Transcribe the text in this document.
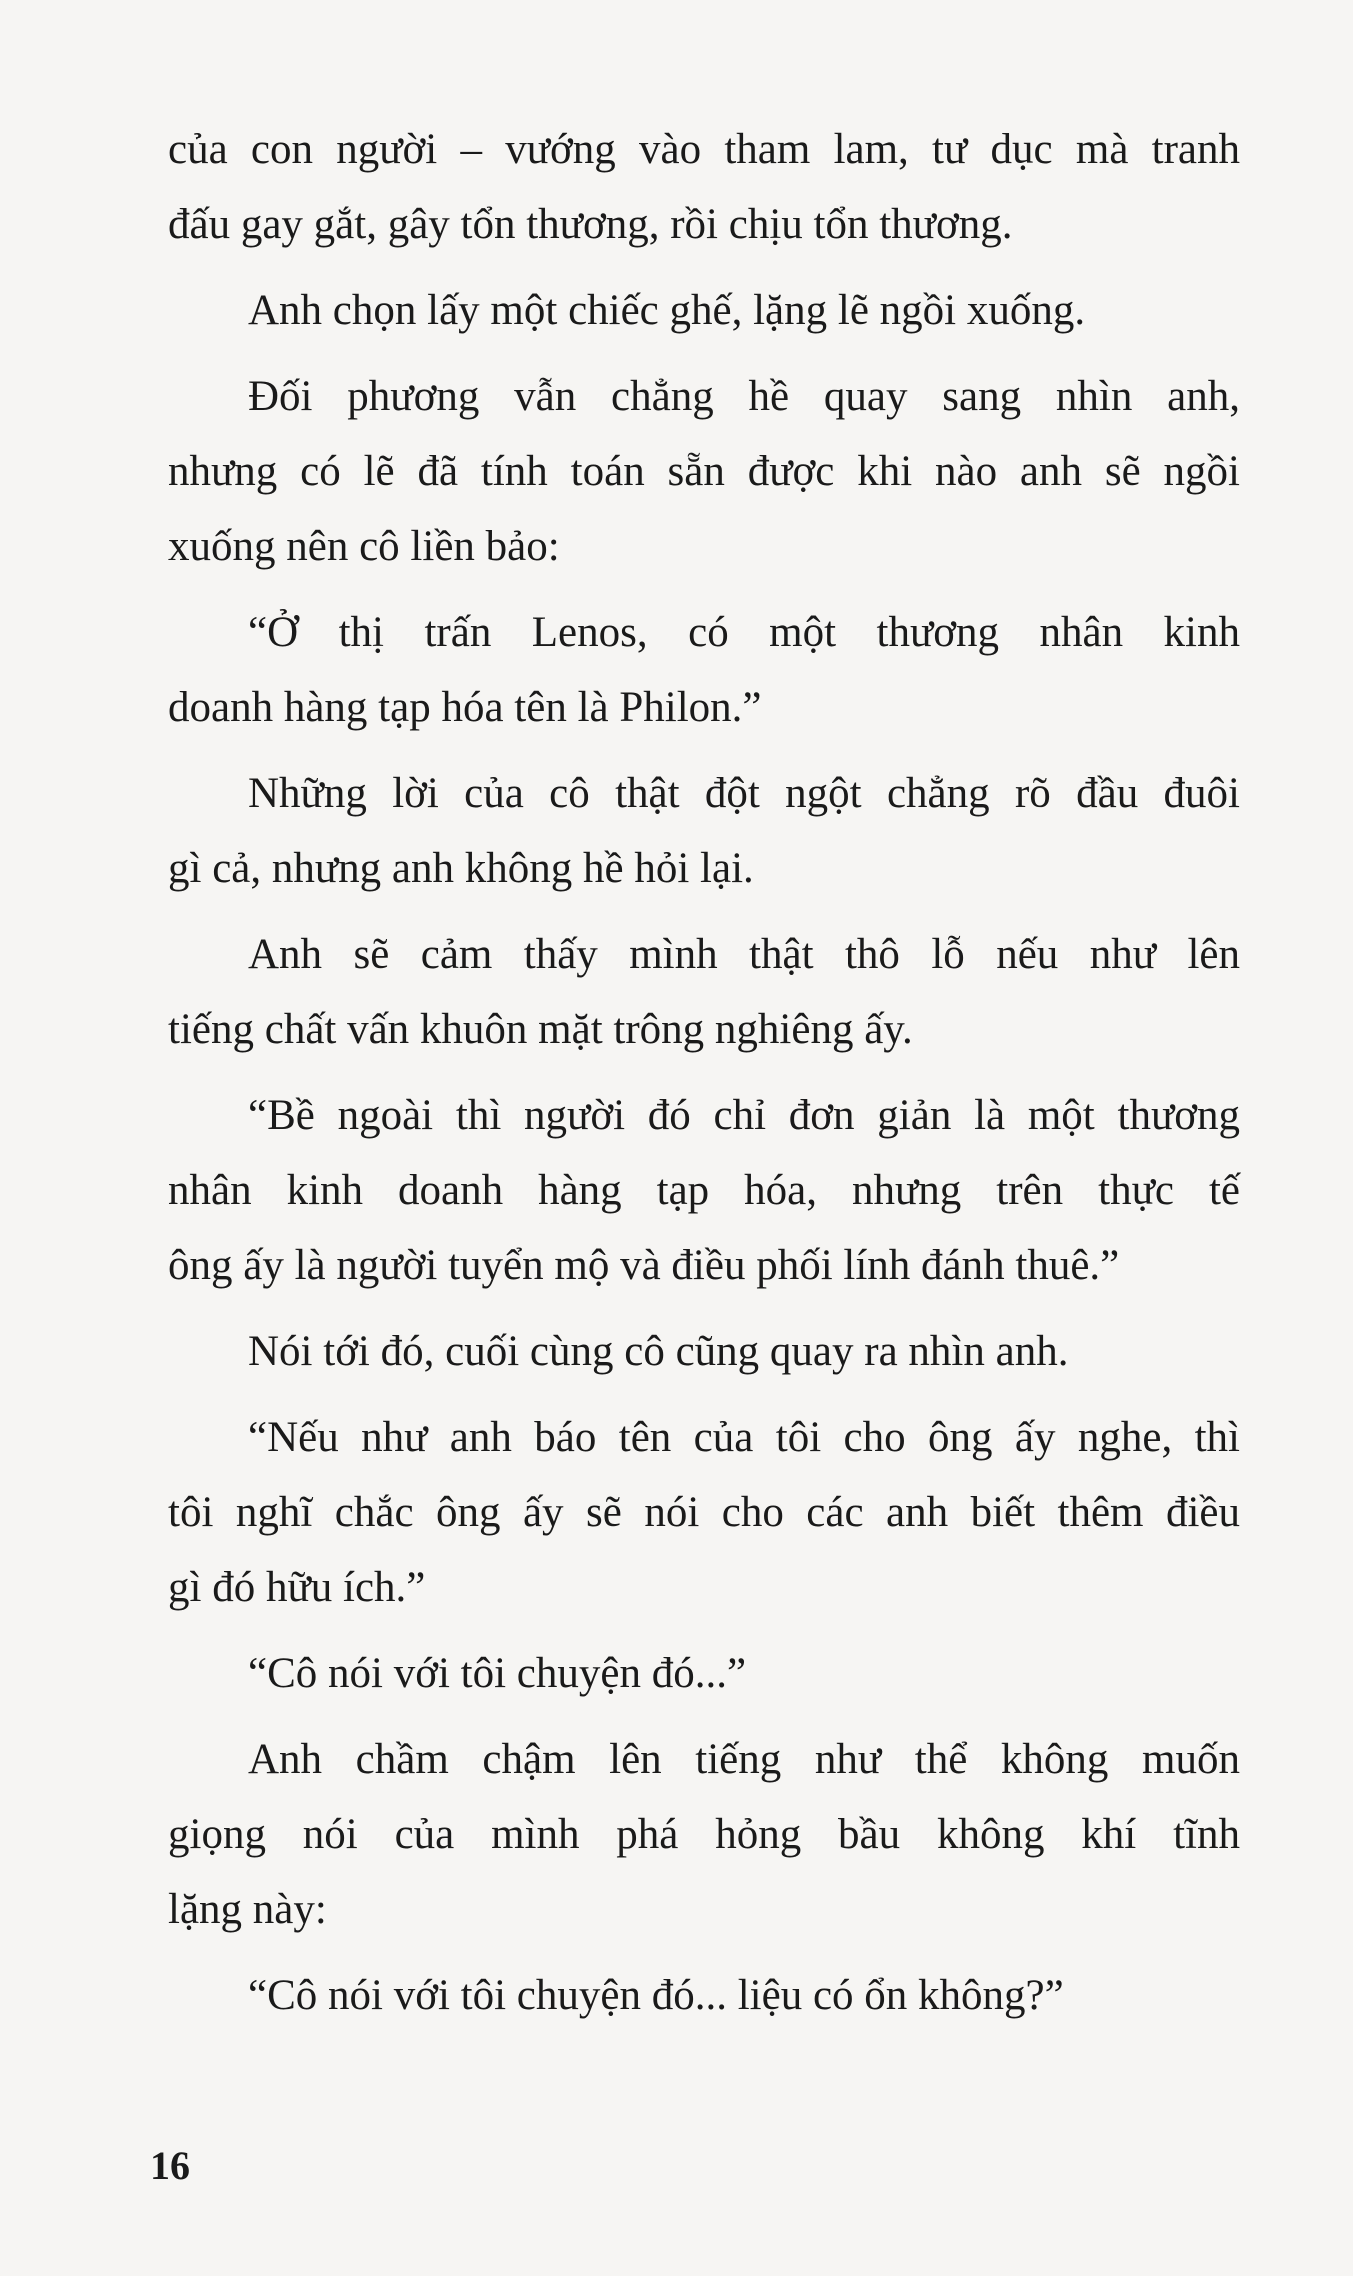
của con người – vướng vào tham lam, tư dục mà tranh
đấu gay gắt, gây tổn thương, rồi chịu tổn thương.
Anh chọn lấy một chiếc ghế, lặng lẽ ngồi xuống.
Đối phương vẫn chẳng hề quay sang nhìn anh,
nhưng có lẽ đã tính toán sẵn được khi nào anh sẽ ngồi
xuống nên cô liền bảo:
“Ở thị trấn Lenos, có một thương nhân kinh
doanh hàng tạp hóa tên là Philon.”
Những lời của cô thật đột ngột chẳng rõ đầu đuôi
gì cả, nhưng anh không hề hỏi lại.
Anh sẽ cảm thấy mình thật thô lỗ nếu như lên
tiếng chất vấn khuôn mặt trông nghiêng ấy.
“Bề ngoài thì người đó chỉ đơn giản là một thương
nhân kinh doanh hàng tạp hóa, nhưng trên thực tế
ông ấy là người tuyển mộ và điều phối lính đánh thuê.”
Nói tới đó, cuối cùng cô cũng quay ra nhìn anh.
“Nếu như anh báo tên của tôi cho ông ấy nghe, thì
tôi nghĩ chắc ông ấy sẽ nói cho các anh biết thêm điều
gì đó hữu ích.”
“Cô nói với tôi chuyện đó...”
Anh chầm chậm lên tiếng như thể không muốn
giọng nói của mình phá hỏng bầu không khí tĩnh
lặng này:
“Cô nói với tôi chuyện đó... liệu có ổn không?”
16
